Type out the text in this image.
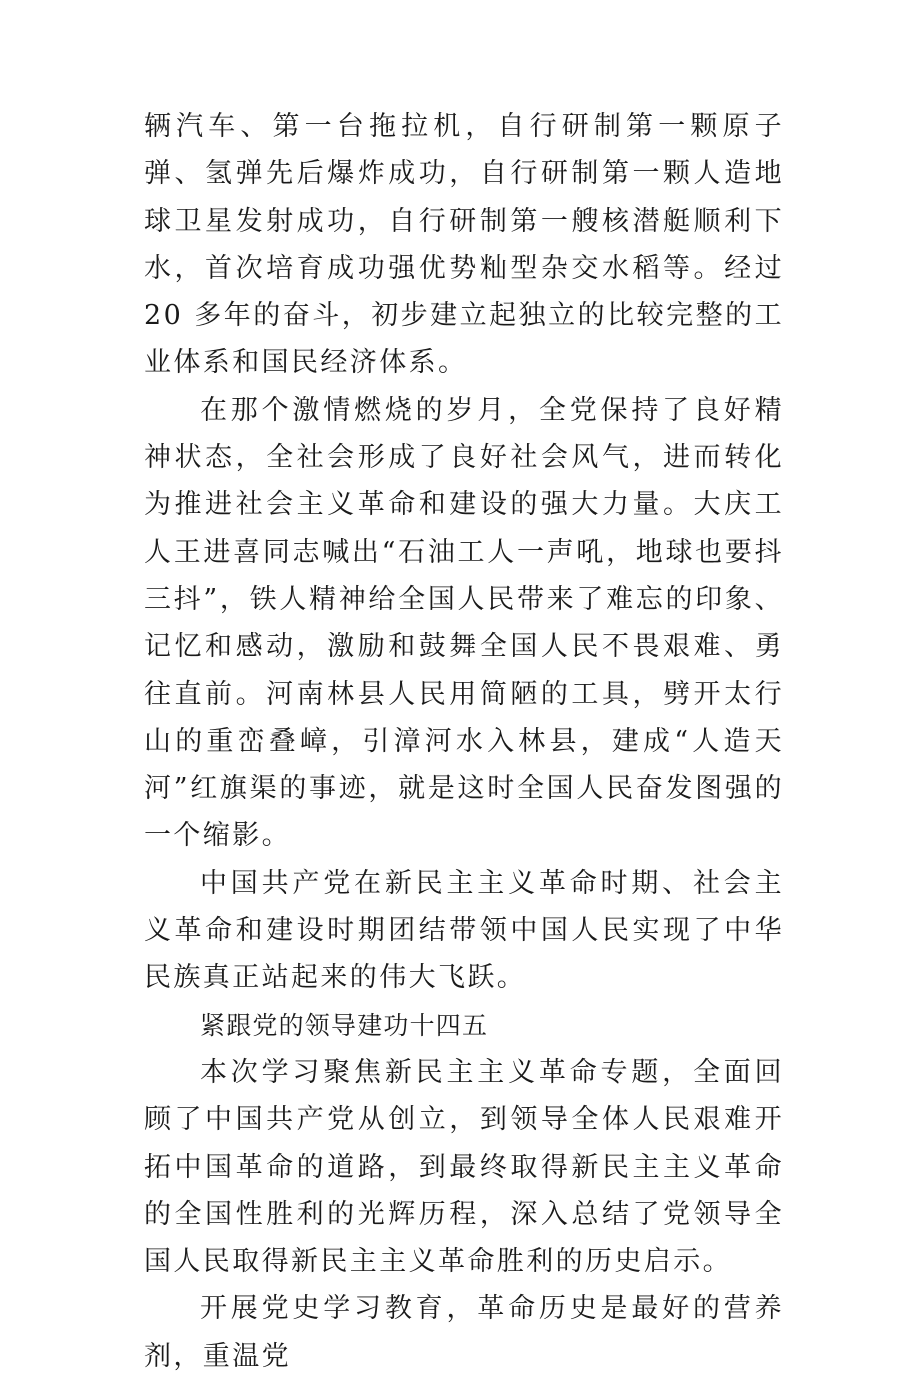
辆汽车、第一台拖拉机，自行研制第一颗原子弹、氢弹先后爆炸成功，自行研制第一颗人造地球卫星发射成功，自行研制第一艘核潜艇顺利下水，首次培育成功强优势籼型杂交水稻等。经过 20 多年的奋斗，初步建立起独立的比较完整的工业体系和国民经济体系。

在那个激情燃烧的岁月，全党保持了良好精神状态，全社会形成了良好社会风气，进而转化为推进社会主义革命和建设的强大力量。大庆工人王进喜同志喊出“石油工人一声吼，地球也要抖三抖”，铁人精神给全国人民带来了难忘的印象、记忆和感动，激励和鼓舞全国人民不畏艰难、勇往直前。河南林县人民用简陋的工具，劈开太行山的重峦叠嶂，引漳河水入林县，建成“人造天河”红旗渠的事迹，就是这时全国人民奋发图强的一个缩影。

中国共产党在新民主主义革命时期、社会主义革命和建设时期团结带领中国人民实现了中华民族真正站起来的伟大飞跃。

紧跟党的领导建功十四五

本次学习聚焦新民主主义革命专题，全面回顾了中国共产党从创立，到领导全体人民艰难开拓中国革命的道路，到最终取得新民主主义革命的全国性胜利的光辉历程，深入总结了党领导全国人民取得新民主主义革命胜利的历史启示。

开展党史学习教育，革命历史是最好的营养剂，重温党
